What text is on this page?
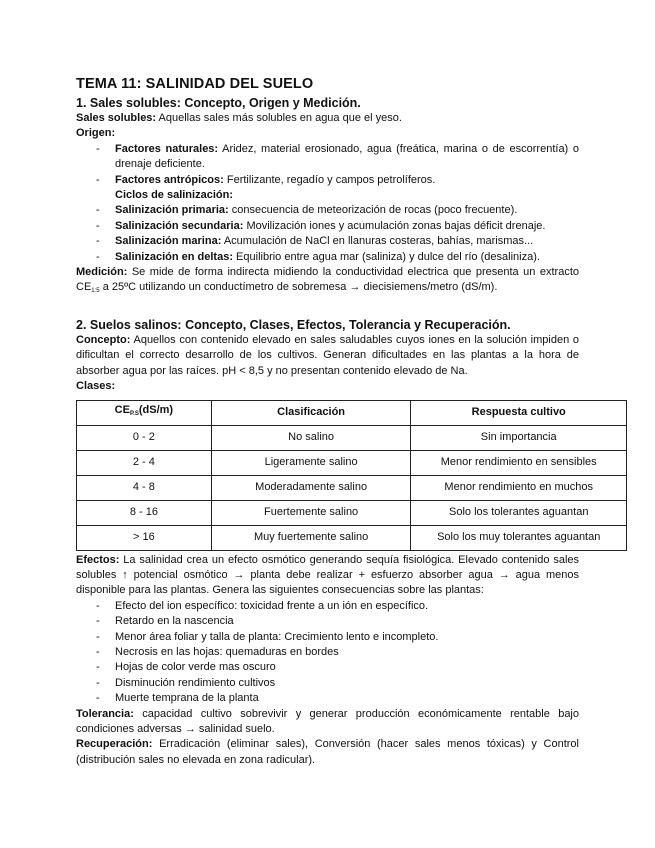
TEMA 11: SALINIDAD DEL SUELO
1. Sales solubles: Concepto, Origen y Medición.

Sales solubles: Aquellas sales más solubles en agua que el yeso.

Origen:

- Factores naturales: Aridez, material erosionado, agua (freática, marina o de escorrentía) o drenaje deficiente.
- Factores antrópicos: Fertilizante, regadío y campos petrolíferos.
Ciclos de salinización:
- Salinización primaria: consecuencia de meteorización de rocas (poco frecuente).
- Salinización secundaria: Movilización iones y acumulación zonas bajas déficit drenaje.
- Salinización marina: Acumulación de NaCl en llanuras costeras, bahías, marismas...
- Salinización en deltas: Equilibrio entre agua mar (saliniza) y dulce del río (desaliniza).

Medición: Se mide de forma indirecta midiendo la conductividad electrica que presenta un extracto $CE_{1:5}$ a 25ºC utilizando un conductímetro de sobremesa → diecisiemens/metro (dS/m).

2. Suelos salinos: Concepto, Clases, Efectos, Tolerancia y Recuperación.

Concepto: Aquellos con contenido elevado en sales saludables cuyos iones en la solución impiden o dificultan el correcto desarrollo de los cultivos. Generan dificultades en las plantas a la hora de absorber agua por las raíces. pH < 8,5 y no presentan contenido elevado de Na.

Clases:

$CE_{P.S}(dS/m)$	Clasificación	Respuesta cultivo
0 - 2	No salino	Sin importancia
2 - 4	Ligeramente salino	Menor rendimiento en sensibles
4 - 8	Moderadamente salino	Menor rendimiento en muchos
8 - 16	Fuertemente salino	Solo los tolerantes aguantan
> 16	Muy fuertemente salino	Solo los muy tolerantes aguantan

Efectos: La salinidad crea un efecto osmótico generando sequía fisiológica. Elevado contenido sales solubles ↑ potencial osmótico → planta debe realizar + esfuerzo absorber agua → agua menos disponible para las plantas. Genera las siguientes consecuencias sobre las plantas:

- Efecto del ion específico: toxicidad frente a un ión en específico.
- Retardo en la nascencia
- Menor área foliar y talla de planta: Crecimiento lento e incompleto.
- Necrosis en las hojas: quemaduras en bordes
- Hojas de color verde mas oscuro
- Disminución rendimiento cultivos
- Muerte temprana de la planta

Tolerancia: capacidad cultivo sobrevivir y generar producción económicamente rentable bajo condiciones adversas → salinidad suelo.

Recuperación: Erradicación (eliminar sales), Conversión (hacer sales menos tóxicas) y Control (distribución sales no elevada en zona radicular).
